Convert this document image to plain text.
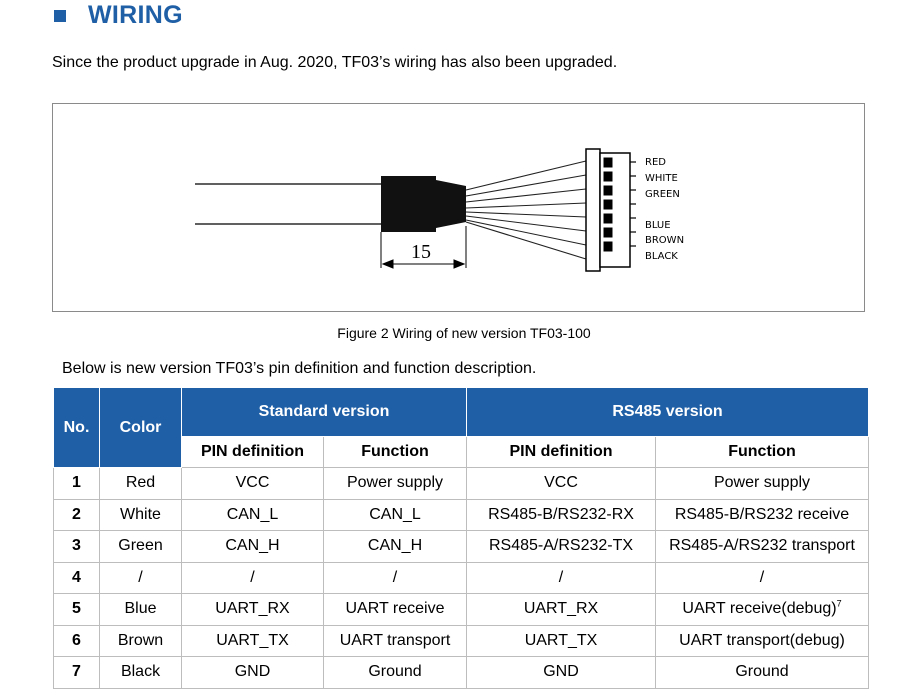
WIRING
Since the product upgrade in Aug. 2020, TF03’s wiring has also been upgraded.
15
RED
WHITE
GREEN
BLUE
BROWN
BLACK
Figure 2 Wiring of new version TF03-100
Below is new version TF03’s pin definition and function description.
No.	Color	Standard version		RS485 version	
		PIN definition	Function	PIN definition	Function
1	Red	VCC	Power supply	VCC	Power supply
2	White	CAN_L	CAN_L	RS485-B/RS232-RX	RS485-B/RS232 receive
3	Green	CAN_H	CAN_H	RS485-A/RS232-TX	RS485-A/RS232 transport
4	/	/	/	/	/
5	Blue	UART_RX	UART receive	UART_RX	UART receive(debug)$^7$
6	Brown	UART_TX	UART transport	UART_TX	UART transport(debug)
7	Black	GND	Ground	GND	Ground
